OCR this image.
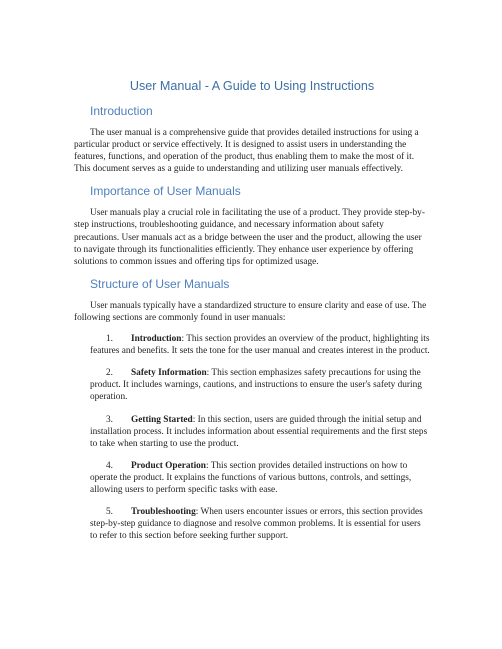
User Manual - A Guide to Using Instructions
Introduction

The user manual is a comprehensive guide that provides detailed instructions for using a particular product or service effectively. It is designed to assist users in understanding the features, functions, and operation of the product, thus enabling them to make the most of it. This document serves as a guide to understanding and utilizing user manuals effectively.

Importance of User Manuals

User manuals play a crucial role in facilitating the use of a product. They provide step-by-step instructions, troubleshooting guidance, and necessary information about safety precautions. User manuals act as a bridge between the user and the product, allowing the user to navigate through its functionalities efficiently. They enhance user experience by offering solutions to common issues and offering tips for optimized usage.

Structure of User Manuals

User manuals typically have a standardized structure to ensure clarity and ease of use. The following sections are commonly found in user manuals:

1. Introduction: This section provides an overview of the product, highlighting its features and benefits. It sets the tone for the user manual and creates interest in the product.
2. Safety Information: This section emphasizes safety precautions for using the product. It includes warnings, cautions, and instructions to ensure the user's safety during operation.
3. Getting Started: In this section, users are guided through the initial setup and installation process. It includes information about essential requirements and the first steps to take when starting to use the product.
4. Product Operation: This section provides detailed instructions on how to operate the product. It explains the functions of various buttons, controls, and settings, allowing users to perform specific tasks with ease.
5. Troubleshooting: When users encounter issues or errors, this section provides step-by-step guidance to diagnose and resolve common problems. It is essential for users to refer to this section before seeking further support.
